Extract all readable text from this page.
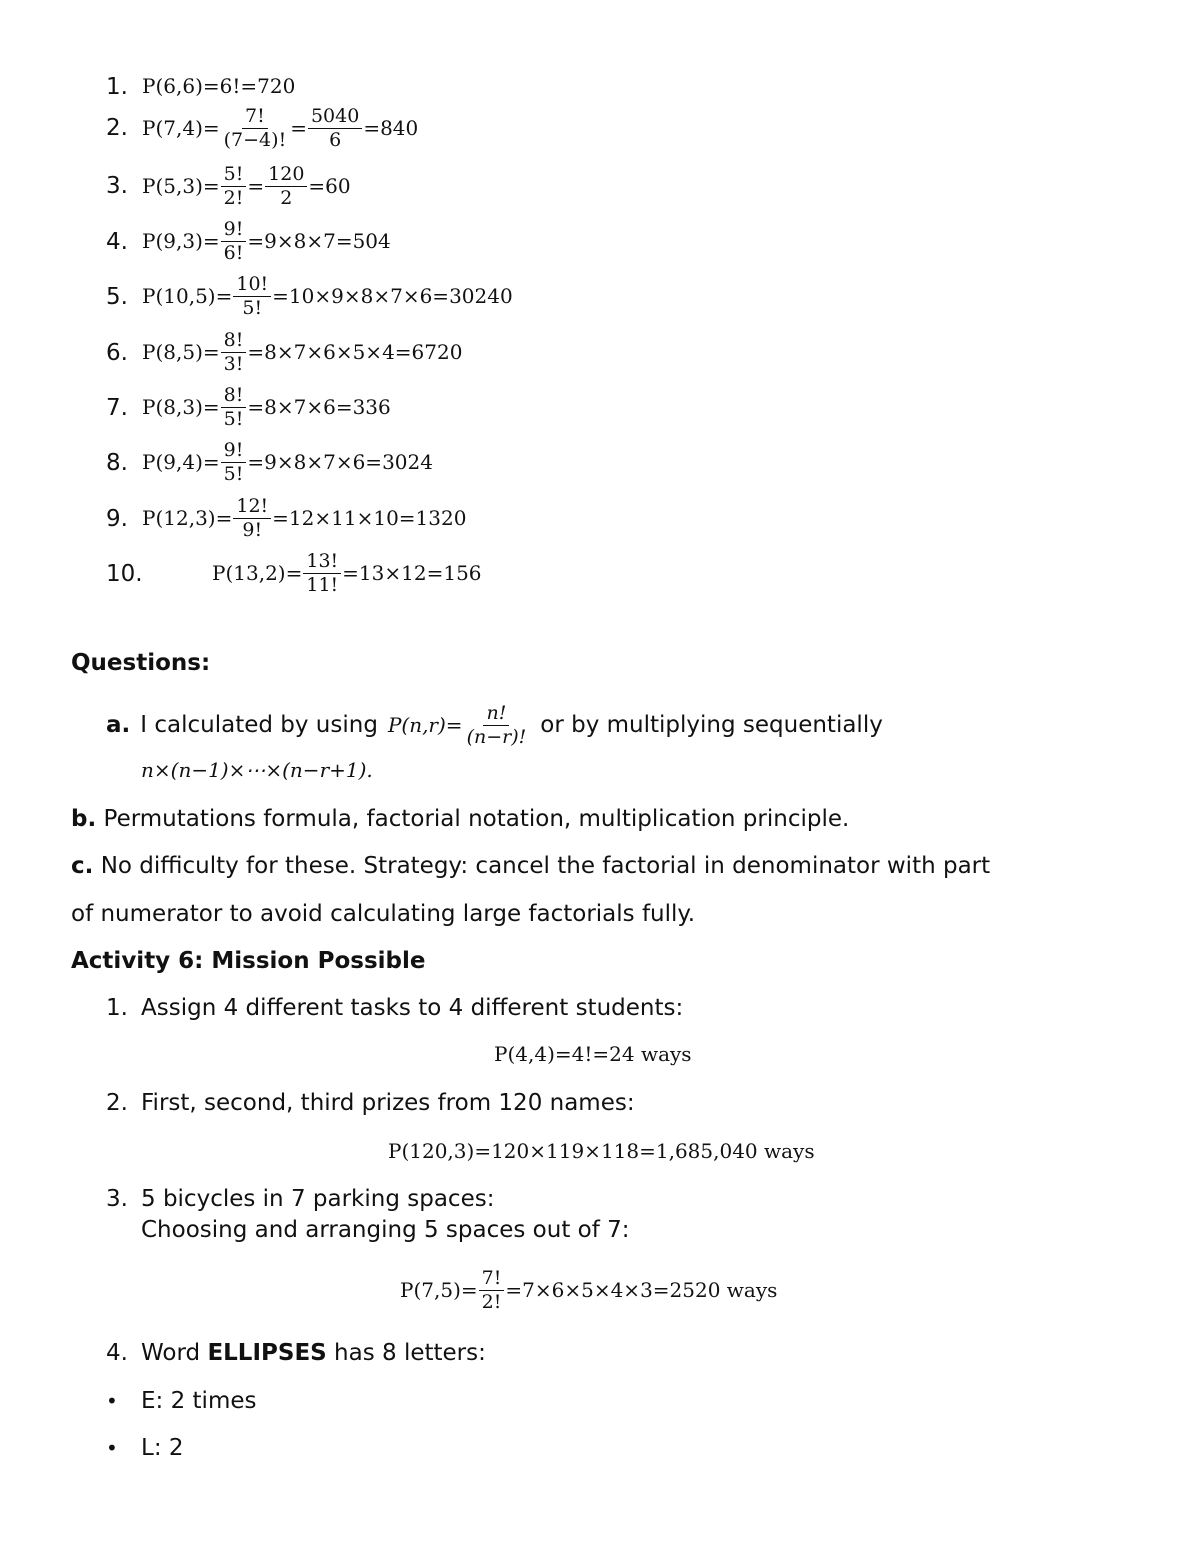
1. P(6,6)= 6!=720
2. $P(7,4)= \frac{7!}{(7-4)!} = \frac{5040}{6} =840$
3. $P(5,3)= \frac{5!}{2!} = \frac{120}{2} =60$
4. $P(9,3)= \frac{9!}{6!} =9\times 8\times 7=504$
5. $P(10,5)= \frac{10!}{5!} =10\times 9\times 8\times 7\times 6=30240$
6. $P(8,5)= \frac{8!}{3!} =8\times 7\times 6\times 5\times 4=6720$
7. $P(8,3)= \frac{8!}{5!} =8\times 7\times 6=336$
8. $P(9,4)= \frac{9!}{5!} =9\times 8\times 7\times 6=3024$
9. $P(12,3)= \frac{12!}{9!} =12\times 11\times 10=1320$
10.	$P(13,2)= \frac{13!}{11!} =13\times 12=156$
Questions:
a. I calculated by using $P(n,r)= \frac{n!}{(n-r)!}$ or by multiplying sequentially
n×(n−1)×⋯×(n−r+1).
b. Permutations formula, factorial notation, multiplication principle.
c. No difficulty for these. Strategy: cancel the factorial in denominator with part
of numerator to avoid calculating large factorials fully.
Activity 6: Mission Possible
1. Assign 4 different tasks to 4 different students:
P(4,4)=4!=24 ways
2. First, second, third prizes from 120 names:
P(120,3)=120×119×118=1,685,040 ways
3. 5 bicycles in 7 parking spaces:
Choosing and arranging 5 spaces out of 7:
$P(7,5)= \frac{7!}{2!} =7\times 6\times 5\times 4\times 3=2520$ ways
4. Word ELLIPSES has 8 letters:
• E: 2 times
• L: 2
